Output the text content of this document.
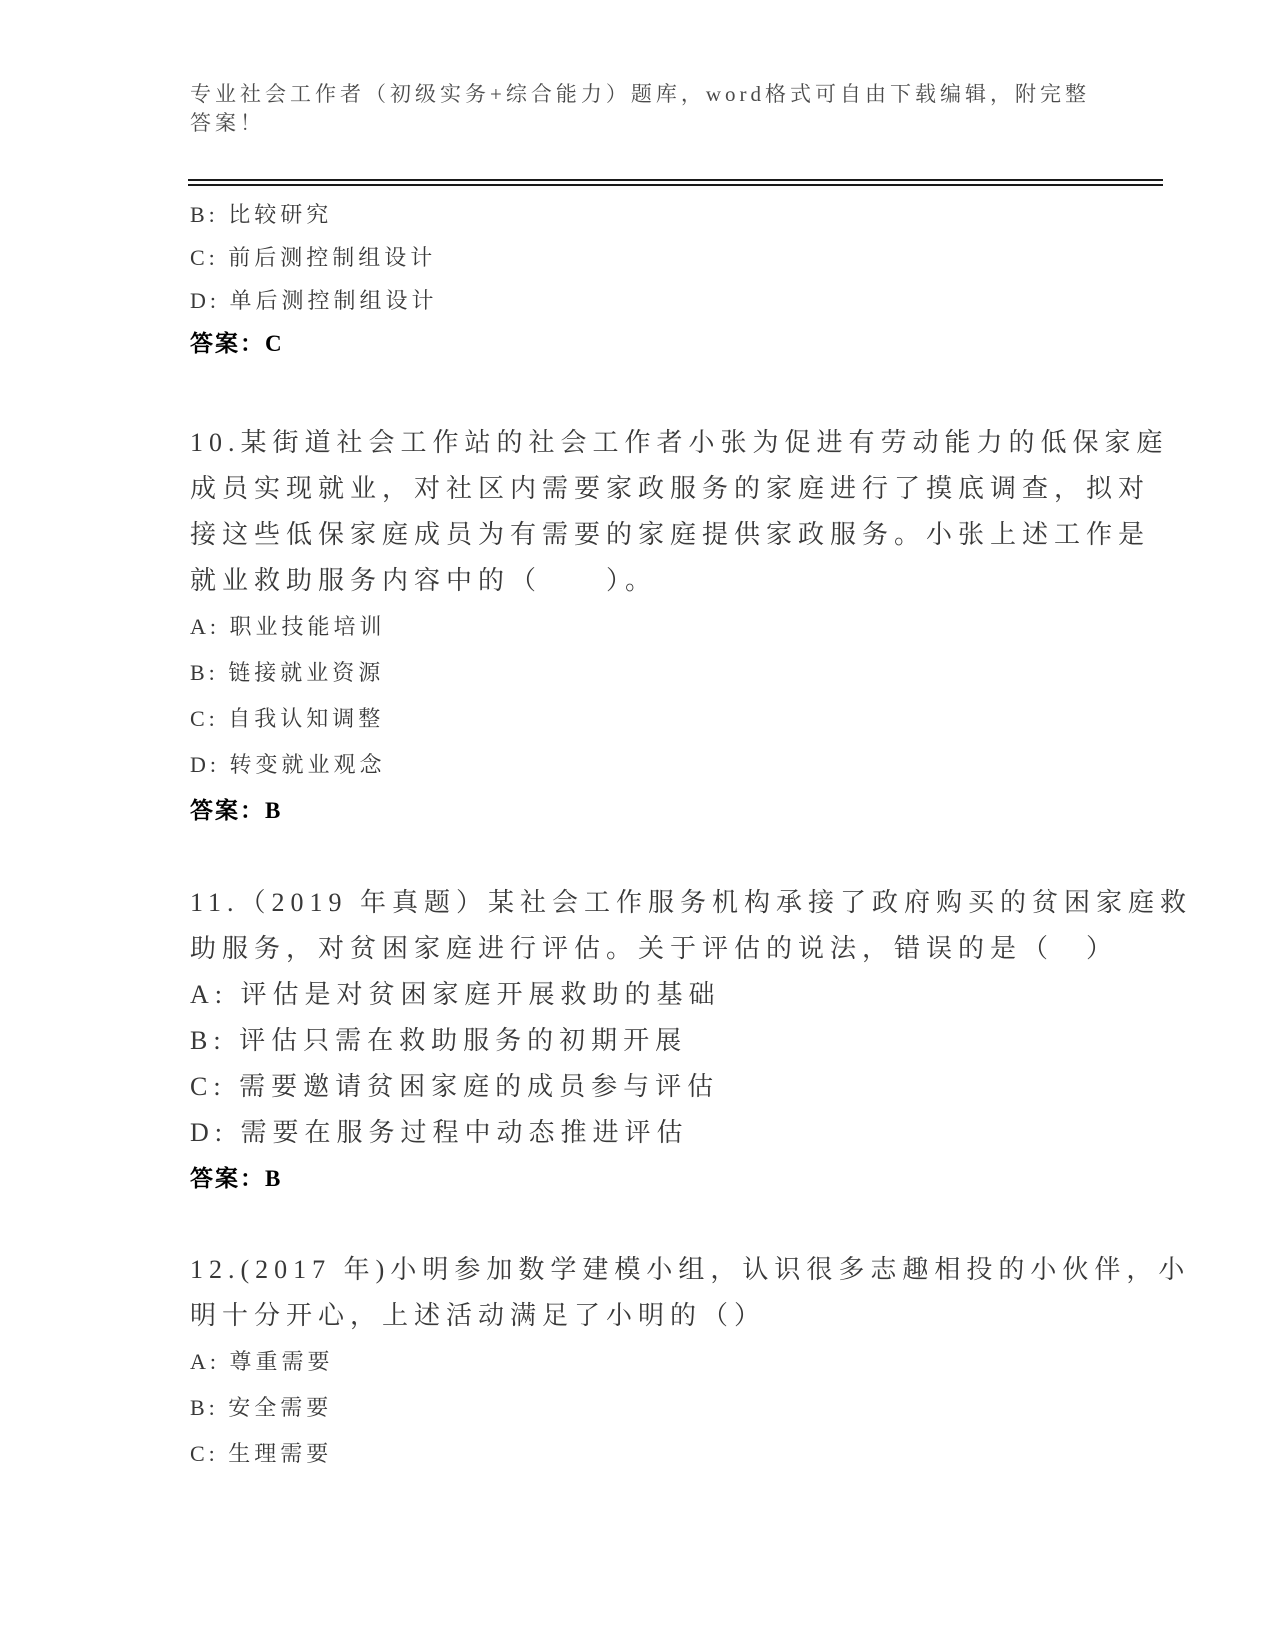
专业社会工作者（初级实务+综合能力）题库，word格式可自由下载编辑，附完整
答案！
B: 比较研究
C: 前后测控制组设计
D: 单后测控制组设计
答案：C
10.某街道社会工作站的社会工作者小张为促进有劳动能力的低保家庭
成员实现就业，对社区内需要家政服务的家庭进行了摸底调查，拟对
接这些低保家庭成员为有需要的家庭提供家政服务。小张上述工作是
就业救助服务内容中的（　　）。
A: 职业技能培训
B: 链接就业资源
C: 自我认知调整
D: 转变就业观念
答案：B
11.（2019 年真题）某社会工作服务机构承接了政府购买的贫困家庭救
助服务，对贫困家庭进行评估。关于评估的说法，错误的是（　）
A: 评估是对贫困家庭开展救助的基础
B: 评估只需在救助服务的初期开展
C: 需要邀请贫困家庭的成员参与评估
D: 需要在服务过程中动态推进评估
答案：B
12.(2017 年)小明参加数学建模小组，认识很多志趣相投的小伙伴，小
明十分开心，上述活动满足了小明的（）
A: 尊重需要
B: 安全需要
C: 生理需要
